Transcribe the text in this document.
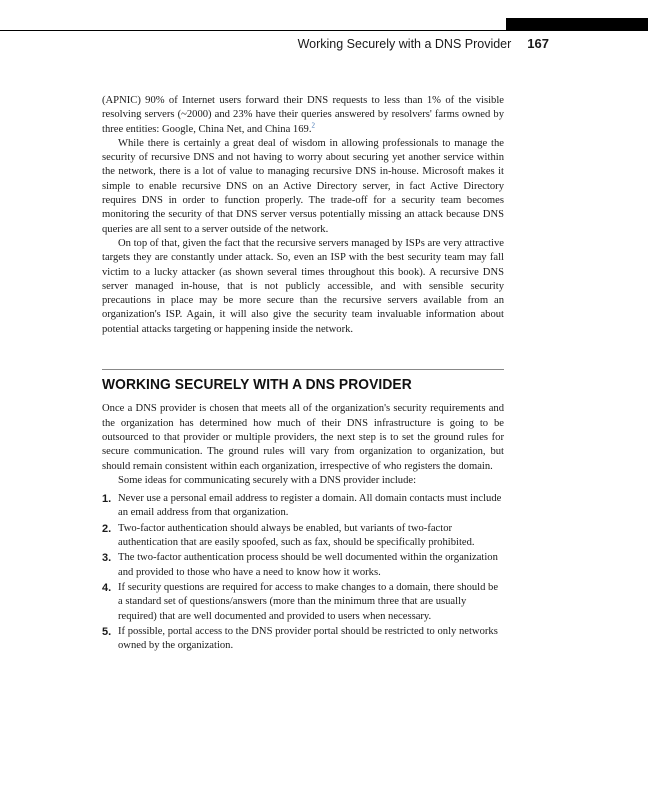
Working Securely with a DNS Provider 167

(APNIC) 90% of Internet users forward their DNS requests to less than 1% of the visible resolving servers (~2000) and 23% have their queries answered by resolvers' farms owned by three entities: Google, China Net, and China 169.$^2$

While there is certainly a great deal of wisdom in allowing professionals to manage the security of recursive DNS and not having to worry about securing yet another service within the network, there is a lot of value to managing recursive DNS in-house. Microsoft makes it simple to enable recursive DNS on an Active Directory server, in fact Active Directory requires DNS in order to function properly. The trade-off for a security team becomes monitoring the security of that DNS server versus potentially missing an attack because DNS queries are all sent to a server outside of the network.

On top of that, given the fact that the recursive servers managed by ISPs are very attractive targets they are constantly under attack. So, even an ISP with the best security team may fall victim to a lucky attacker (as shown several times throughout this book). A recursive DNS server managed in-house, that is not publicly accessible, and with sensible security precautions in place may be more secure than the recursive servers available from an organization's ISP. Again, it will also give the security team invaluable information about potential attacks targeting or happening inside the network.

WORKING SECURELY WITH A DNS PROVIDER

Once a DNS provider is chosen that meets all of the organization's security requirements and the organization has determined how much of their DNS infrastructure is going to be outsourced to that provider or multiple providers, the next step is to set the ground rules for secure communication. The ground rules will vary from organization to organization, but should remain consistent within each organization, irrespective of who registers the domain.

Some ideas for communicating securely with a DNS provider include:

1. Never use a personal email address to register a domain. All domain contacts must include an email address from that organization.
2. Two-factor authentication should always be enabled, but variants of two-factor authentication that are easily spoofed, such as fax, should be specifically prohibited.
3. The two-factor authentication process should be well documented within the organization and provided to those who have a need to know how it works.
4. If security questions are required for access to make changes to a domain, there should be a standard set of questions/answers (more than the minimum three that are usually required) that are well documented and provided to users when necessary.
5. If possible, portal access to the DNS provider portal should be restricted to only networks owned by the organization.
